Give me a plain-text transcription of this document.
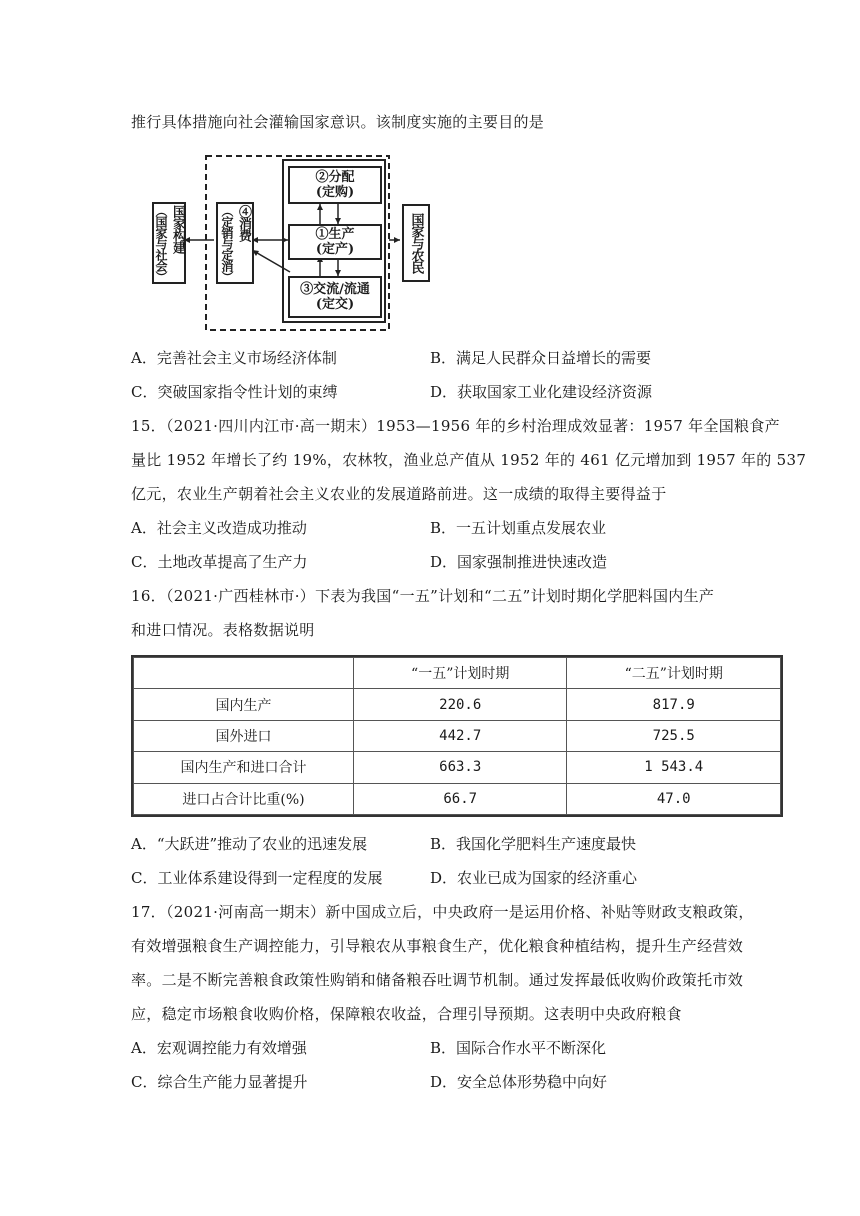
推行具体措施向社会灌输国家意识。该制度实施的主要目的是
国家构建
（国家与社会）	④消费
（定销与定消）
②分配
(定购)
①生产
(定产)
③交流/流通
(定交)
国家与农民
A．完善社会主义市场经济体制	B．满足人民群众日益增长的需要
C．突破国家指令性计划的束缚	D．获取国家工业化建设经济资源
15．（2021·四川内江市·高一期末）1953—1956 年的乡村治理成效显著：1957 年全国粮食产
量比 1952 年增长了约 19%，农林牧，渔业总产值从 1952 年的 461 亿元增加到 1957 年的 537
亿元，农业生产朝着社会主义农业的发展道路前进。这一成绩的取得主要得益于
A．社会主义改造成功推动	B．一五计划重点发展农业
C．土地改革提高了生产力	D．国家强制推进快速改造
16．（2021·广西桂林市·）下表为我国“一五”计划和“二五”计划时期化学肥料国内生产
和进口情况。表格数据说明
	“一五”计划时期	“二五”计划时期
国内生产	220.6	817.9
国外进口	442.7	725.5
国内生产和进口合计	663.3	1 543.4
进口占合计比重(%)	66.7	47.0
A．“大跃进”推动了农业的迅速发展	B．我国化学肥料生产速度最快
C．工业体系建设得到一定程度的发展	D．农业已成为国家的经济重心
17．（2021·河南高一期末）新中国成立后，中央政府一是运用价格、补贴等财政支粮政策，
有效增强粮食生产调控能力，引导粮农从事粮食生产，优化粮食种植结构，提升生产经营效
率。二是不断完善粮食政策性购销和储备粮吞吐调节机制。通过发挥最低收购价政策托市效
应，稳定市场粮食收购价格，保障粮农收益，合理引导预期。这表明中央政府粮食
A．宏观调控能力有效增强	B．国际合作水平不断深化
C．综合生产能力显著提升	D．安全总体形势稳中向好
